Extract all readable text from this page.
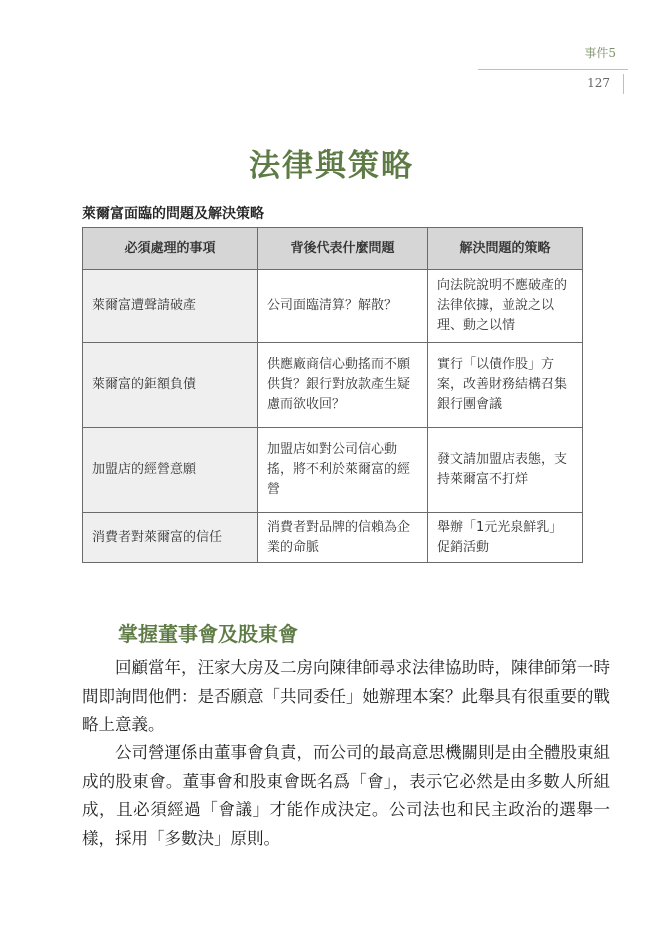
事件5
127
法律與策略
萊爾富面臨的問題及解決策略
必須處理的事項	背後代表什麼問題	解決問題的策略
萊爾富遭聲請破產	公司面臨清算？解散？	向法院說明不應破產的法律依據，並說之以理、動之以情
萊爾富的鉅額負債	供應廠商信心動搖而不願供貨？銀行對放款產生疑慮而欲收回？	實行「以債作股」方案，改善財務結構召集銀行團會議
加盟店的經營意願	加盟店如對公司信心動搖，將不利於萊爾富的經營	發文請加盟店表態，支持萊爾富不打烊
消費者對萊爾富的信任	消費者對品牌的信賴為企業的命脈	舉辦「1元光泉鮮乳」促銷活動
掌握董事會及股東會

回顧當年，汪家大房及二房向陳律師尋求法律協助時，陳律師第一時間即詢問他們：是否願意「共同委任」她辦理本案？此舉具有很重要的戰略上意義。

公司營運係由董事會負責，而公司的最高意思機關則是由全體股東組成的股東會。董事會和股東會既名爲「會」，表示它必然是由多數人所組成，且必須經過「會議」才能作成決定。公司法也和民主政治的選舉一樣，採用「多數決」原則。
